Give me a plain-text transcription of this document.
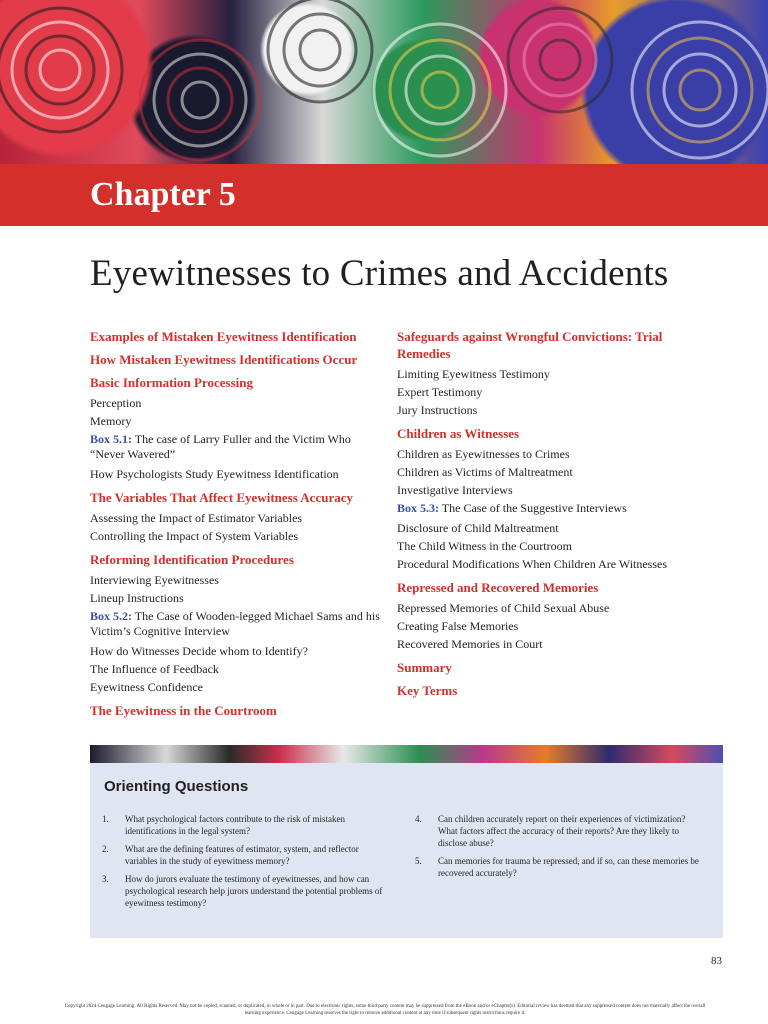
Chapter 5
Eyewitnesses to Crimes and Accidents
Examples of Mistaken Eyewitness Identification
How Mistaken Eyewitness Identifications Occur
Basic Information Processing
Perception
Memory
Box 5.1: The case of Larry Fuller and the Victim Who “Never Wavered”
How Psychologists Study Eyewitness Identification
The Variables That Affect Eyewitness Accuracy
Assessing the Impact of Estimator Variables
Controlling the Impact of System Variables
Reforming Identification Procedures
Interviewing Eyewitnesses
Lineup Instructions
Box 5.2: The Case of Wooden-legged Michael Sams and his Victim’s Cognitive Interview
How do Witnesses Decide whom to Identify?
The Influence of Feedback
Eyewitness Confidence
The Eyewitness in the Courtroom
Safeguards against Wrongful Convictions: Trial Remedies
Limiting Eyewitness Testimony
Expert Testimony
Jury Instructions
Children as Witnesses
Children as Eyewitnesses to Crimes
Children as Victims of Maltreatment
Investigative Interviews
Box 5.3: The Case of the Suggestive Interviews
Disclosure of Child Maltreatment
The Child Witness in the Courtroom
Procedural Modifications When Children Are Witnesses
Repressed and Recovered Memories
Repressed Memories of Child Sexual Abuse
Creating False Memories
Recovered Memories in Court
Summary
Key Terms
Orienting Questions
1.	What psychological factors contribute to the risk of mistaken identifications in the legal system?
2.	What are the defining features of estimator, system, and reflector variables in the study of eyewitness memory?
3.	How do jurors evaluate the testimony of eyewitnesses, and how can psychological research help jurors understand the potential problems of eyewitness testimony?
4.	Can children accurately report on their experiences of victimization? What factors affect the accuracy of their reports? Are they likely to disclose abuse?
5.	Can memories for trauma be repressed, and if so, can these memories be recovered accurately?
83
Copyright 2024 Cengage Learning. All Rights Reserved. May not be copied, scanned, or duplicated, in whole or in part. Due to electronic rights, some third party content may be suppressed from the eBook and/or eChapter(s). Editorial review has deemed that any suppressed content does not materially affect the overall learning experience. Cengage Learning reserves the right to remove additional content at any time if subsequent rights restrictions require it.
